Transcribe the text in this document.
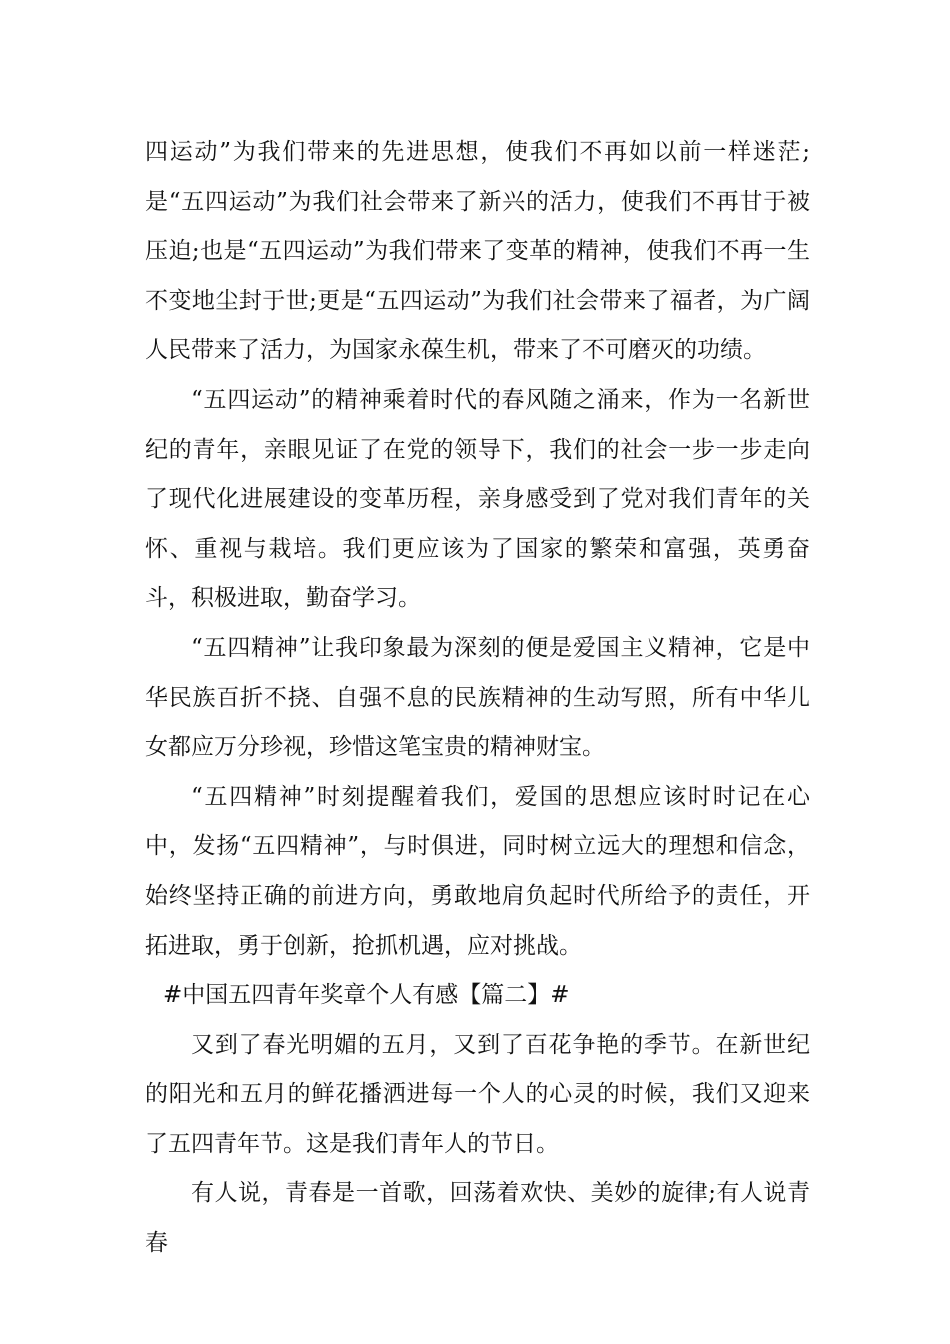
四运动”为我们带来的先进思想，使我们不再如以前一样迷茫;是“五四运动”为我们社会带来了新兴的活力，使我们不再甘于被压迫;也是“五四运动”为我们带来了变革的精神，使我们不再一生不变地尘封于世;更是“五四运动”为我们社会带来了福者，为广阔人民带来了活力，为国家永葆生机，带来了不可磨灭的功绩。

“五四运动”的精神乘着时代的春风随之涌来，作为一名新世纪的青年，亲眼见证了在党的领导下，我们的社会一步一步走向了现代化进展建设的变革历程，亲身感受到了党对我们青年的关怀、重视与栽培。我们更应该为了国家的繁荣和富强，英勇奋斗，积极进取，勤奋学习。

“五四精神”让我印象最为深刻的便是爱国主义精神，它是中华民族百折不挠、自强不息的民族精神的生动写照，所有中华儿女都应万分珍视，珍惜这笔宝贵的精神财宝。

“五四精神”时刻提醒着我们，爱国的思想应该时时记在心中，发扬“五四精神”，与时俱进，同时树立远大的理想和信念，始终坚持正确的前进方向，勇敢地肩负起时代所给予的责任，开拓进取，勇于创新，抢抓机遇，应对挑战。

#中国五四青年奖章个人有感【篇二】#

又到了春光明媚的五月，又到了百花争艳的季节。在新世纪的阳光和五月的鲜花播洒进每一个人的心灵的时候，我们又迎来了五四青年节。这是我们青年人的节日。

有人说，青春是一首歌，回荡着欢快、美妙的旋律;有人说青春
